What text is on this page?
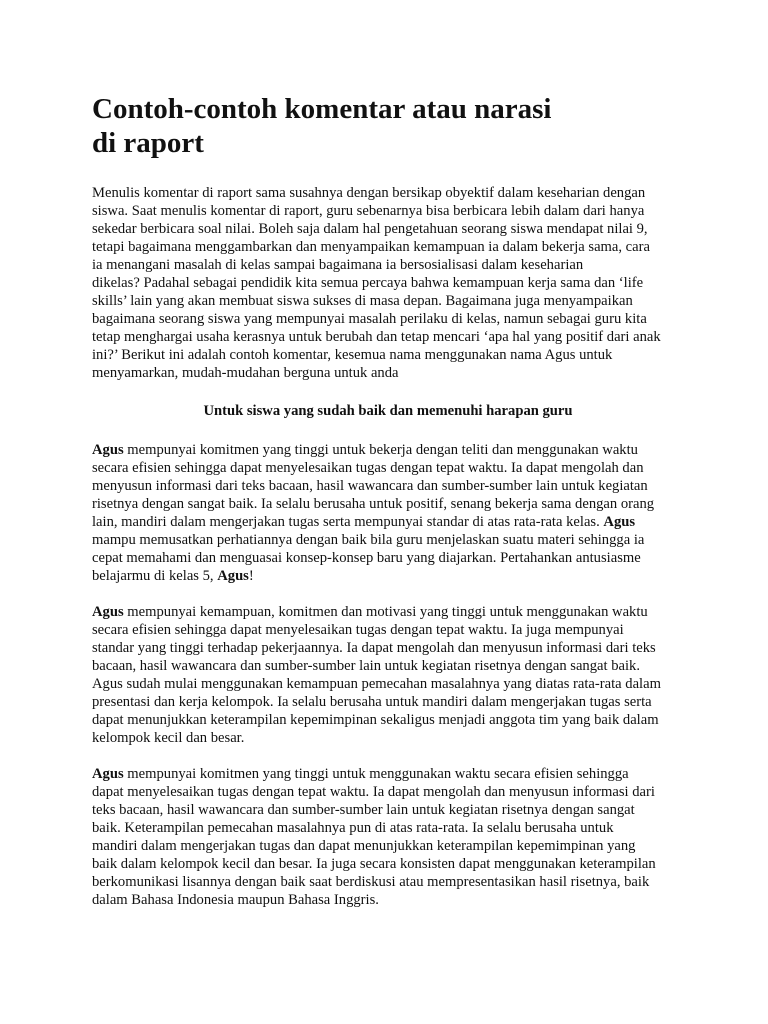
Contoh-contoh komentar atau narasi
di raport

Menulis komentar di raport sama susahnya dengan bersikap obyektif dalam keseharian dengan
siswa. Saat menulis komentar di raport, guru sebenarnya bisa berbicara lebih dalam dari hanya
sekedar berbicara soal nilai. Boleh saja dalam hal pengetahuan seorang siswa mendapat nilai 9,
tetapi bagaimana menggambarkan dan menyampaikan kemampuan ia dalam bekerja sama, cara
ia menangani masalah di kelas sampai bagaimana ia bersosialisasi dalam keseharian
dikelas? Padahal sebagai pendidik kita semua percaya bahwa kemampuan kerja sama dan ‘life
skills’ lain yang akan membuat siswa sukses di masa depan. Bagaimana juga menyampaikan
bagaimana seorang siswa yang mempunyai masalah perilaku di kelas, namun sebagai guru kita
tetap menghargai usaha kerasnya untuk berubah dan tetap mencari ‘apa hal yang positif dari anak
ini?’ Berikut ini adalah contoh komentar, kesemua nama menggunakan nama Agus untuk
menyamarkan, mudah-mudahan berguna untuk anda

Untuk siswa yang sudah baik dan memenuhi harapan guru

Agus mempunyai komitmen yang tinggi untuk bekerja dengan teliti dan menggunakan waktu
secara efisien sehingga dapat menyelesaikan tugas dengan tepat waktu. Ia dapat mengolah dan
menyusun informasi dari teks bacaan, hasil wawancara dan sumber-sumber lain untuk kegiatan
risetnya dengan sangat baik. Ia selalu berusaha untuk positif, senang bekerja sama dengan orang
lain, mandiri dalam mengerjakan tugas serta mempunyai standar di atas rata-rata kelas. Agus
mampu memusatkan perhatiannya dengan baik bila guru menjelaskan suatu materi sehingga ia
cepat memahami dan menguasai konsep-konsep baru yang diajarkan. Pertahankan antusiasme
belajarmu di kelas 5, Agus!

Agus mempunyai kemampuan, komitmen dan motivasi yang tinggi untuk menggunakan waktu
secara efisien sehingga dapat menyelesaikan tugas dengan tepat waktu. Ia juga mempunyai
standar yang tinggi terhadap pekerjaannya. Ia dapat mengolah dan menyusun informasi dari teks
bacaan, hasil wawancara dan sumber-sumber lain untuk kegiatan risetnya dengan sangat baik.
Agus sudah mulai menggunakan kemampuan pemecahan masalahnya yang diatas rata-rata dalam
presentasi dan kerja kelompok. Ia selalu berusaha untuk mandiri dalam mengerjakan tugas serta
dapat menunjukkan keterampilan kepemimpinan sekaligus menjadi anggota tim yang baik dalam
kelompok kecil dan besar.

Agus mempunyai komitmen yang tinggi untuk menggunakan waktu secara efisien sehingga
dapat menyelesaikan tugas dengan tepat waktu. Ia dapat mengolah dan menyusun informasi dari
teks bacaan, hasil wawancara dan sumber-sumber lain untuk kegiatan risetnya dengan sangat
baik. Keterampilan pemecahan masalahnya pun di atas rata-rata. Ia selalu berusaha untuk
mandiri dalam mengerjakan tugas dan dapat menunjukkan keterampilan kepemimpinan yang
baik dalam kelompok kecil dan besar. Ia juga secara konsisten dapat menggunakan keterampilan
berkomunikasi lisannya dengan baik saat berdiskusi atau mempresentasikan hasil risetnya, baik
dalam Bahasa Indonesia maupun Bahasa Inggris.
